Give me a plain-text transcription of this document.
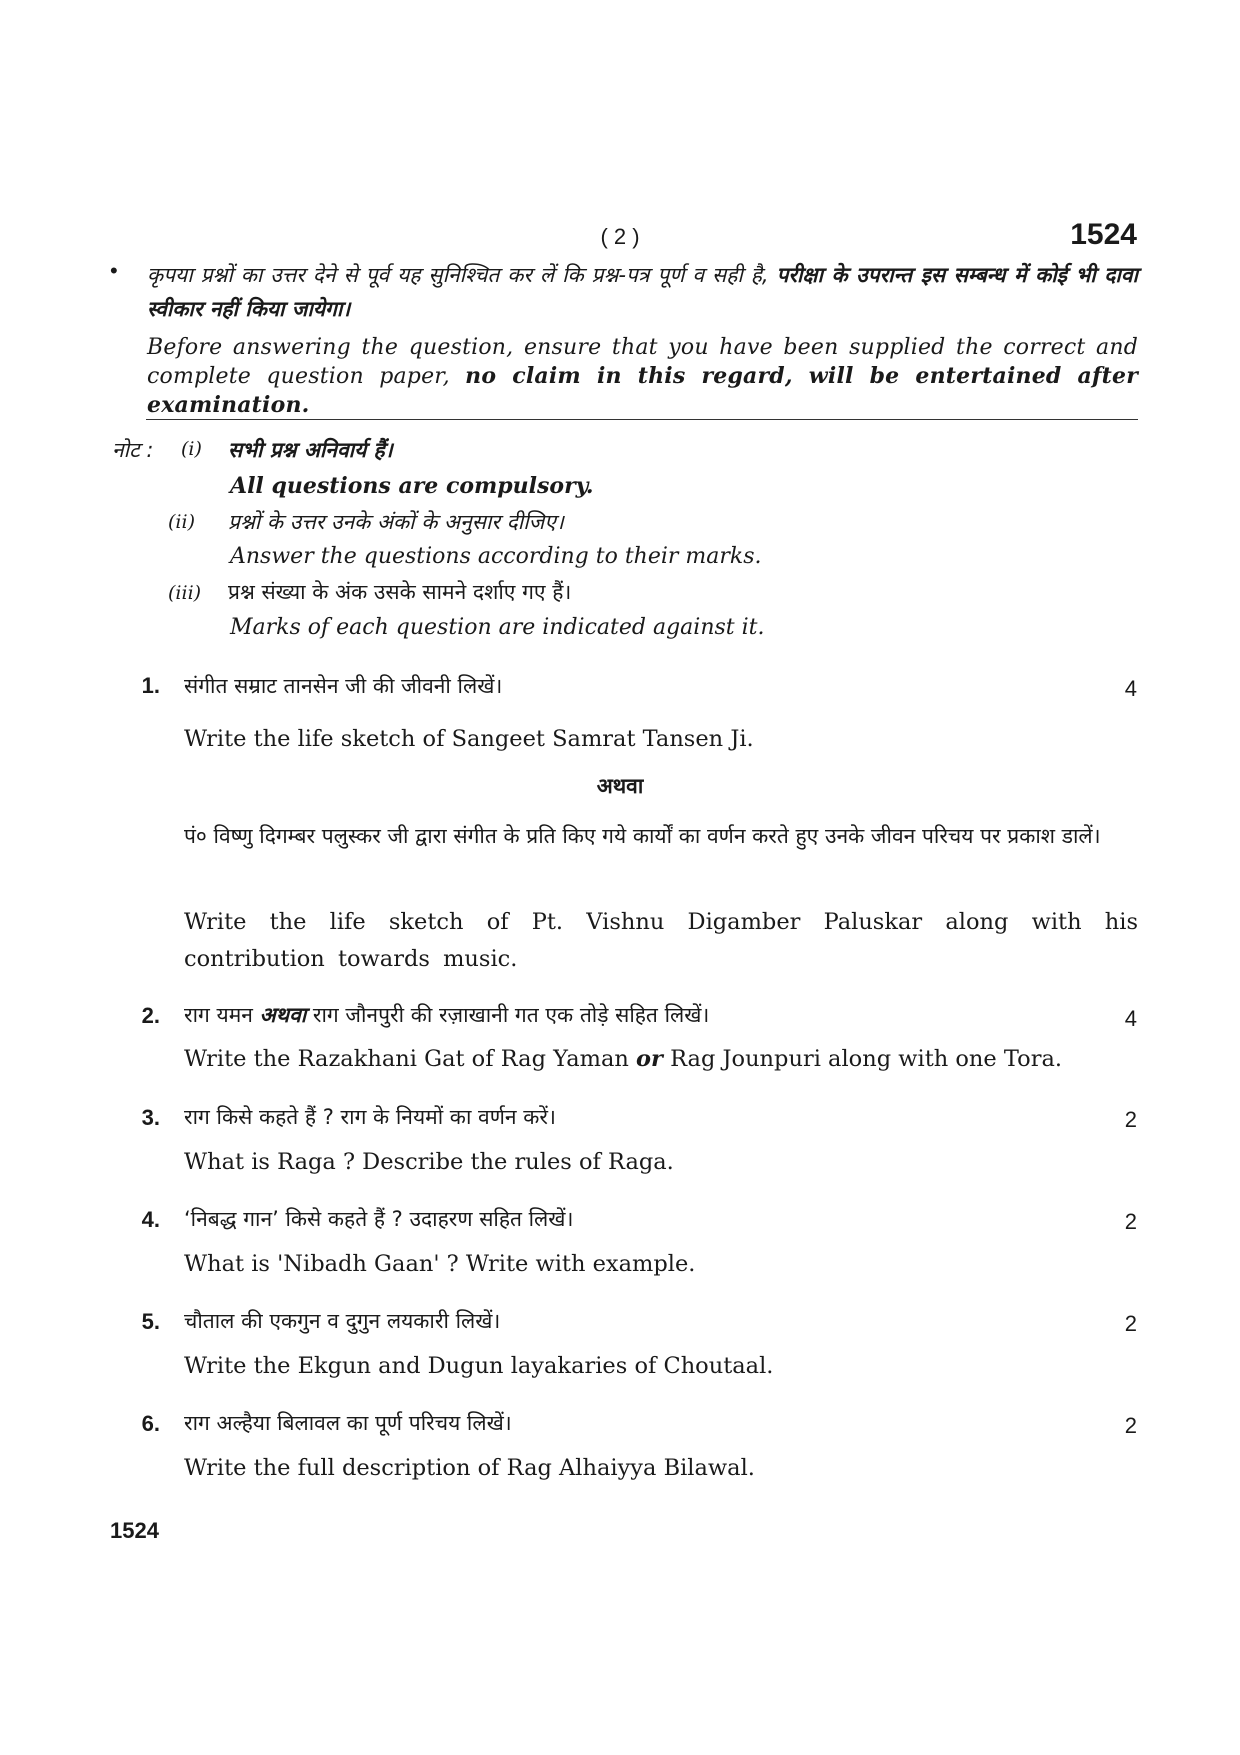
( 2 )	1524
• कृपया प्रश्नों का उत्तर देने से पूर्व यह सुनिश्चित कर लें कि प्रश्न-पत्र पूर्ण व सही है, परीक्षा के उपरान्त इस सम्बन्ध में कोई भी दावा स्वीकार नहीं किया जायेगा।
Before answering the question, ensure that you have been supplied the correct and complete question paper, no claim in this regard, will be entertained after examination.
नोट : (i) सभी प्रश्न अनिवार्य हैं।
All questions are compulsory.
(ii) प्रश्नों के उत्तर उनके अंकों के अनुसार दीजिए।
Answer the questions according to their marks.
(iii) प्रश्न संख्या के अंक उसके सामने दर्शाए गए हैं।
Marks of each question are indicated against it.
1. संगीत सम्राट तानसेन जी की जीवनी लिखें।	4
Write the life sketch of Sangeet Samrat Tansen Ji.
अथवा
पं० विष्णु दिगम्बर पलुस्कर जी द्वारा संगीत के प्रति किए गये कार्यों का वर्णन करते हुए उनके जीवन परिचय पर प्रकाश डालें।
Write the life sketch of Pt. Vishnu Digamber Paluskar along with his contribution towards music.
2. राग यमन अथवा राग जौनपुरी की रज़ाखानी गत एक तोड़े सहित लिखें।	4
Write the Razakhani Gat of Rag Yaman or Rag Jounpuri along with one Tora.
3. राग किसे कहते हैं ? राग के नियमों का वर्णन करें।	2
What is Raga ? Describe the rules of Raga.
4. ‘निबद्ध गान’ किसे कहते हैं ? उदाहरण सहित लिखें।	2
What is 'Nibadh Gaan' ? Write with example.
5. चौताल की एकगुन व दुगुन लयकारी लिखें।	2
Write the Ekgun and Dugun layakaries of Choutaal.
6. राग अल्हैया बिलावल का पूर्ण परिचय लिखें।	2
Write the full description of Rag Alhaiyya Bilawal.
1524
